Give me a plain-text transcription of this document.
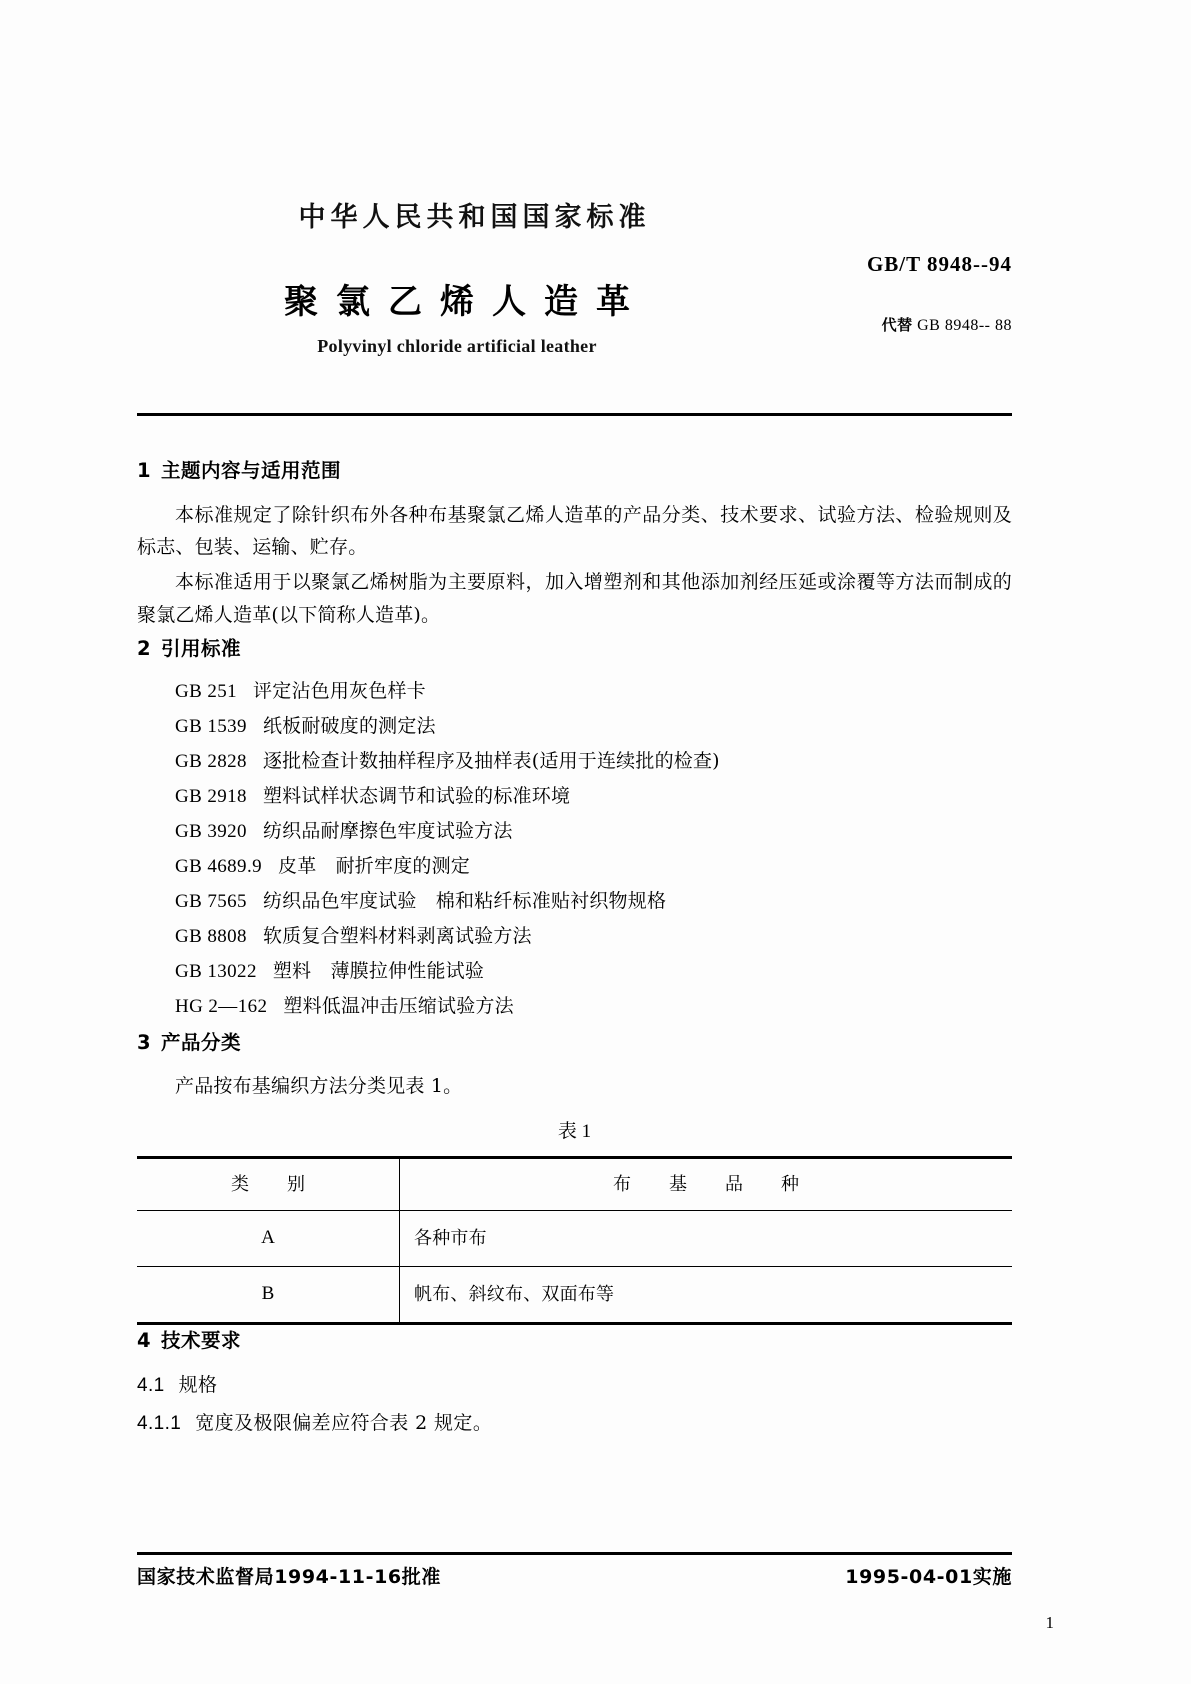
中华人民共和国国家标准
聚氯乙烯人造革
Polyvinyl chloride artificial leather
GB/T 8948--94
代替 GB 8948-- 88
1 主题内容与适用范围

本标准规定了除针织布外各种布基聚氯乙烯人造革的产品分类、技术要求、试验方法、检验规则及标志、包装、运输、贮存。

本标准适用于以聚氯乙烯树脂为主要原料，加入增塑剂和其他添加剂经压延或涂覆等方法而制成的聚氯乙烯人造革(以下简称人造革)。

2 引用标准
GB 251 评定沾色用灰色样卡
GB 1539 纸板耐破度的测定法
GB 2828 逐批检查计数抽样程序及抽样表(适用于连续批的检查)
GB 2918 塑料试样状态调节和试验的标准环境
GB 3920 纺织品耐摩擦色牢度试验方法
GB 4689.9 皮革　耐折牢度的测定
GB 7565 纺织品色牢度试验　棉和粘纤标准贴衬织物规格
GB 8808 软质复合塑料材料剥离试验方法
GB 13022 塑料　薄膜拉伸性能试验
HG 2—162 塑料低温冲击压缩试验方法
3 产品分类

产品按布基编织方法分类见表 1。

表 1
类　别	布　基　品　种
A	各种市布
B	帆布、斜纹布、双面布等
4 技术要求

4.1 规格

4.1.1 宽度及极限偏差应符合表 2 规定。

国家技术监督局1994-11-16批准	1995-04-01实施
1
